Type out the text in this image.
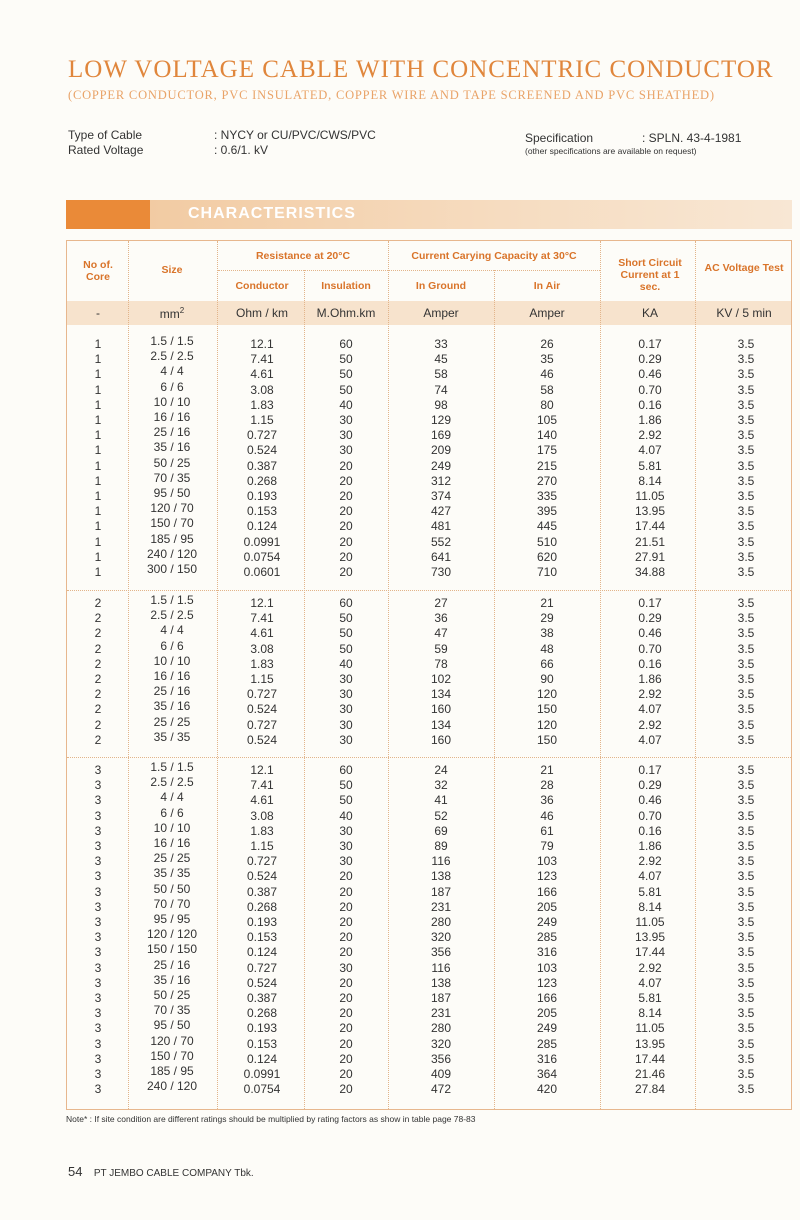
LOW VOLTAGE CABLE WITH CONCENTRIC CONDUCTOR
(COPPER CONDUCTOR, PVC INSULATED, COPPER WIRE AND TAPE SCREENED AND PVC SHEATHED)
Type of Cable	: NYCY or CU/PVC/CWS/PVC
Rated Voltage	: 0.6/1. kV
Specification	: SPLN. 43-4-1981
(other specifications are available on request)
CHARACTERISTICS
No of. Core
Size
Resistance at 20°C
Conductor	Insulation
Current Carying Capacity at 30°C
In Ground	In Air
Short Circuit Current at 1 sec.
AC Voltage Test
-	$mm^2$	Ohm / km	M.Ohm.km	Amper	Amper	KA	KV / 5 min
1	1.5 / 1.5	12.1	60	33	26	0.17	3.5
1	2.5 / 2.5	7.41	50	45	35	0.29	3.5
1	4 / 4	4.61	50	58	46	0.46	3.5
1	6 / 6	3.08	50	74	58	0.70	3.5
1	10 / 10	1.83	40	98	80	0.16	3.5
1	16 / 16	1.15	30	129	105	1.86	3.5
1	25 / 16	0.727	30	169	140	2.92	3.5
1	35 / 16	0.524	30	209	175	4.07	3.5
1	50 / 25	0.387	20	249	215	5.81	3.5
1	70 / 35	0.268	20	312	270	8.14	3.5
1	95 / 50	0.193	20	374	335	11.05	3.5
1	120 / 70	0.153	20	427	395	13.95	3.5
1	150 / 70	0.124	20	481	445	17.44	3.5
1	185 / 95	0.0991	20	552	510	21.51	3.5
1	240 / 120	0.0754	20	641	620	27.91	3.5
1	300 / 150	0.0601	20	730	710	34.88	3.5
2	1.5 / 1.5	12.1	60	27	21	0.17	3.5
2	2.5 / 2.5	7.41	50	36	29	0.29	3.5
2	4 / 4	4.61	50	47	38	0.46	3.5
2	6 / 6	3.08	50	59	48	0.70	3.5
2	10 / 10	1.83	40	78	66	0.16	3.5
2	16 / 16	1.15	30	102	90	1.86	3.5
2	25 / 16	0.727	30	134	120	2.92	3.5
2	35 / 16	0.524	30	160	150	4.07	3.5
2	25 / 25	0.727	30	134	120	2.92	3.5
2	35 / 35	0.524	30	160	150	4.07	3.5
3	1.5 / 1.5	12.1	60	24	21	0.17	3.5
3	2.5 / 2.5	7.41	50	32	28	0.29	3.5
3	4 / 4	4.61	50	41	36	0.46	3.5
3	6 / 6	3.08	40	52	46	0.70	3.5
3	10 / 10	1.83	30	69	61	0.16	3.5
3	16 / 16	1.15	30	89	79	1.86	3.5
3	25 / 25	0.727	30	116	103	2.92	3.5
3	35 / 35	0.524	20	138	123	4.07	3.5
3	50 / 50	0.387	20	187	166	5.81	3.5
3	70 / 70	0.268	20	231	205	8.14	3.5
3	95 / 95	0.193	20	280	249	11.05	3.5
3	120 / 120	0.153	20	320	285	13.95	3.5
3	150 / 150	0.124	20	356	316	17.44	3.5
3	25 / 16	0.727	30	116	103	2.92	3.5
3	35 / 16	0.524	20	138	123	4.07	3.5
3	50 / 25	0.387	20	187	166	5.81	3.5
3	70 / 35	0.268	20	231	205	8.14	3.5
3	95 / 50	0.193	20	280	249	11.05	3.5
3	120 / 70	0.153	20	320	285	13.95	3.5
3	150 / 70	0.124	20	356	316	17.44	3.5
3	185 / 95	0.0991	20	409	364	21.46	3.5
3	240 / 120	0.0754	20	472	420	27.84	3.5
Note* : If site condition are different ratings should be multiplied by rating factors as show in table page 78-83
54 PT JEMBO CABLE COMPANY Tbk.
